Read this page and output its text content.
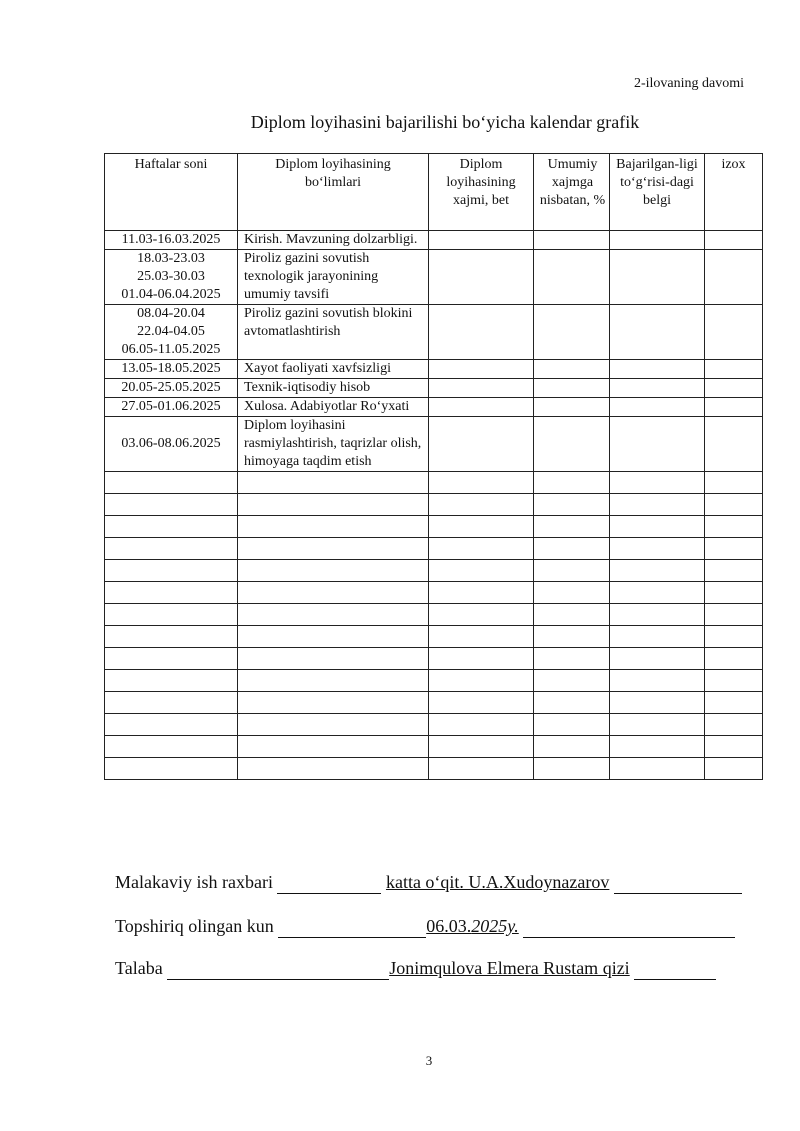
2-ilovaning davomi
Diplom loyihasini bajarilishi bo‘yicha kalendar grafik
Haftalar soni	Diplom loyihasining bo‘limlari	Diplom loyihasining xajmi, bet	Umumiy xajmga nisbatan, %	Bajarilgan-ligi to‘g‘risi-dagi belgi	izox
11.03-16.03.2025	Kirish. Mavzuning dolzarbligi.				
18.03-23.03
25.03-30.03
01.04-06.04.2025	Piroliz gazini sovutish texnologik jarayonining umumiy tavsifi				
08.04-20.04
22.04-04.05
06.05-11.05.2025	Piroliz gazini sovutish blokini avtomatlashtirish				
13.05-18.05.2025	Xayot faoliyati xavfsizligi				
20.05-25.05.2025	Texnik-iqtisodiy hisob				
27.05-01.06.2025	Xulosa. Adabiyotlar Ro‘yxati				
03.06-08.06.2025	Diplom loyihasini rasmiylashtirish, taqrizlar olish, himoyaga taqdim etish				

Malakaviy ish raxbari	katta o‘qit. U.A.Xudoynazarov
Topshiriq olingan kun	06.03.2025y.
Talaba	Jonimqulova Elmera Rustam qizi
3
